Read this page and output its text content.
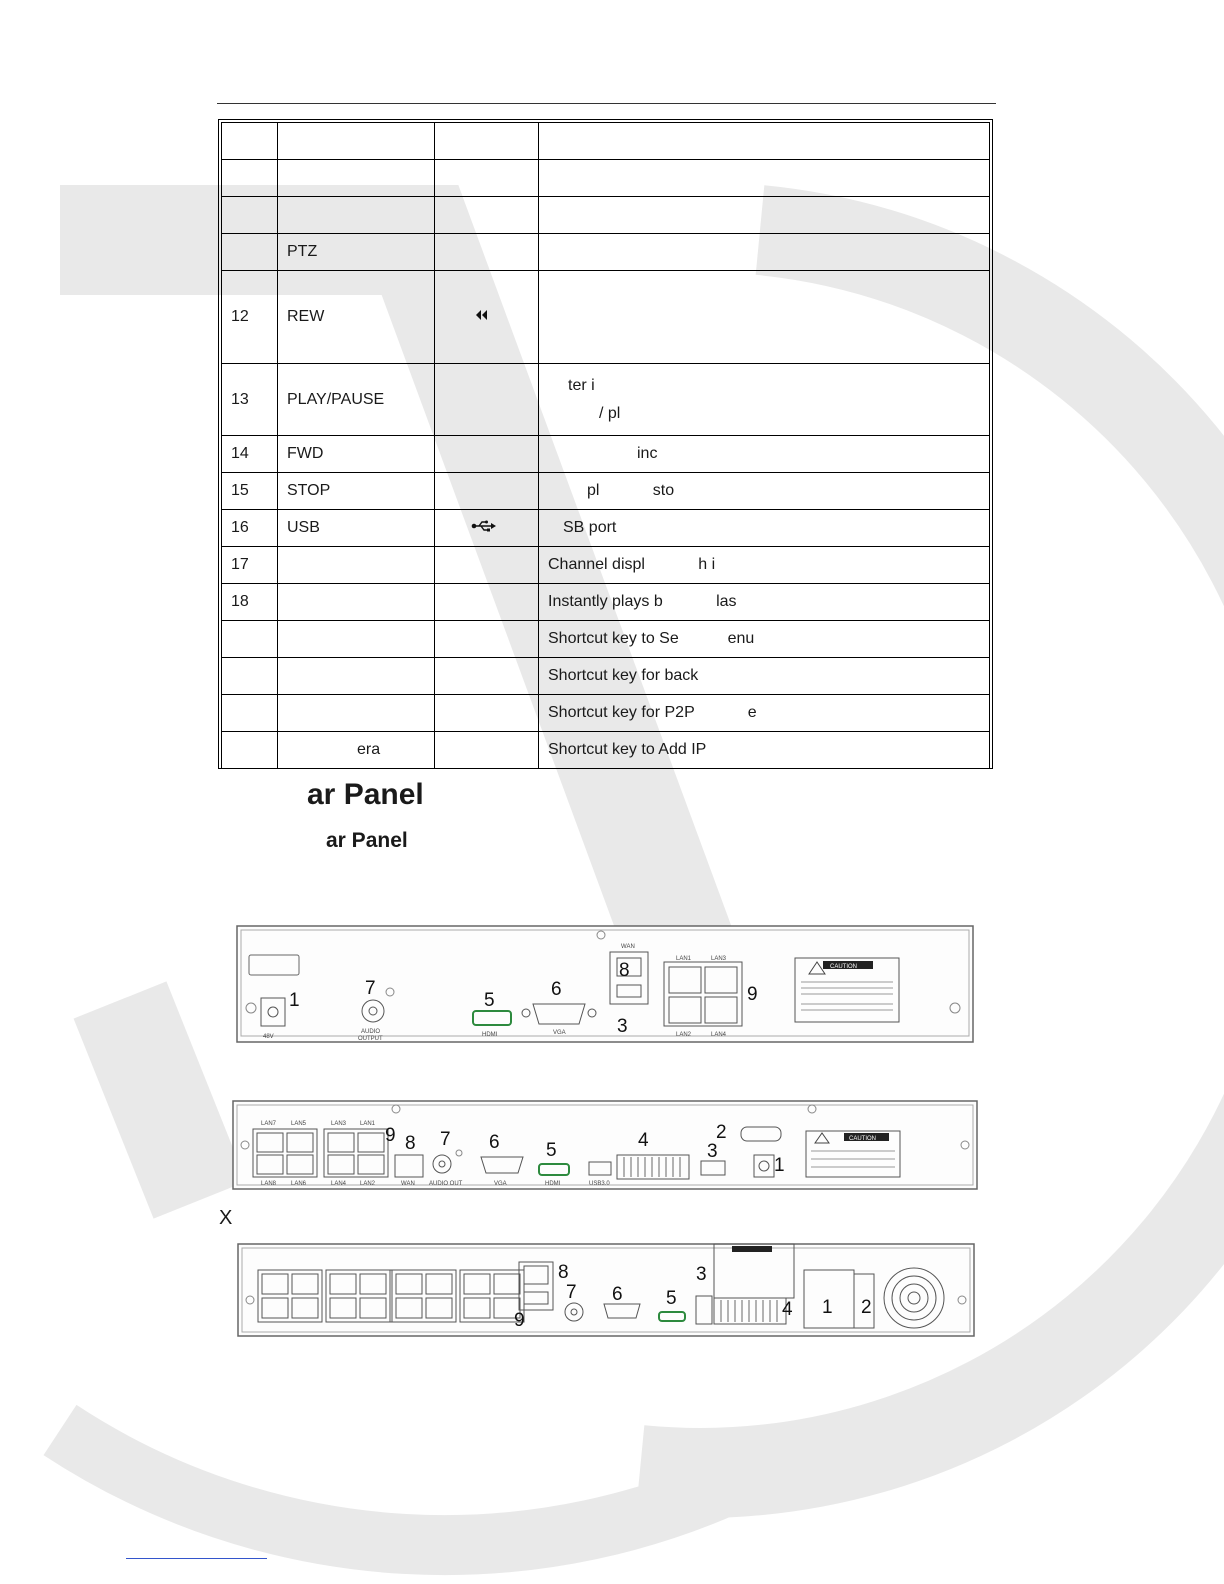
	PTZ		
12	REW		
13	PLAY/PAUSE		ter i
/ pl

14	FWD		inc
15	STOP		pl            sto
16	USB		SB port
17			Channel displ            h i
18			Instantly plays b            las
			Shortcut key to Se           enu
			Shortcut key for back
			Shortcut key for P2P            e
	era		Shortcut key to Add IP
ar Panel
ar Panel
48V
AUDIO
OUTPUT
HDMI	VGA
WAN
LAN1	LAN3
LAN2	LAN4
CAUTION
1
7
5
6
8
3
9
LAN7 LAN5	LAN3 LAN1
LAN8 LAN6	LAN4 LAN2	WAN AUDIO OUT	VGA	HDMI	USB3.0
CAUTION
9 8 7 6 5	4	2
3
1
X
8
7
9
6 5
3
4 1 2
